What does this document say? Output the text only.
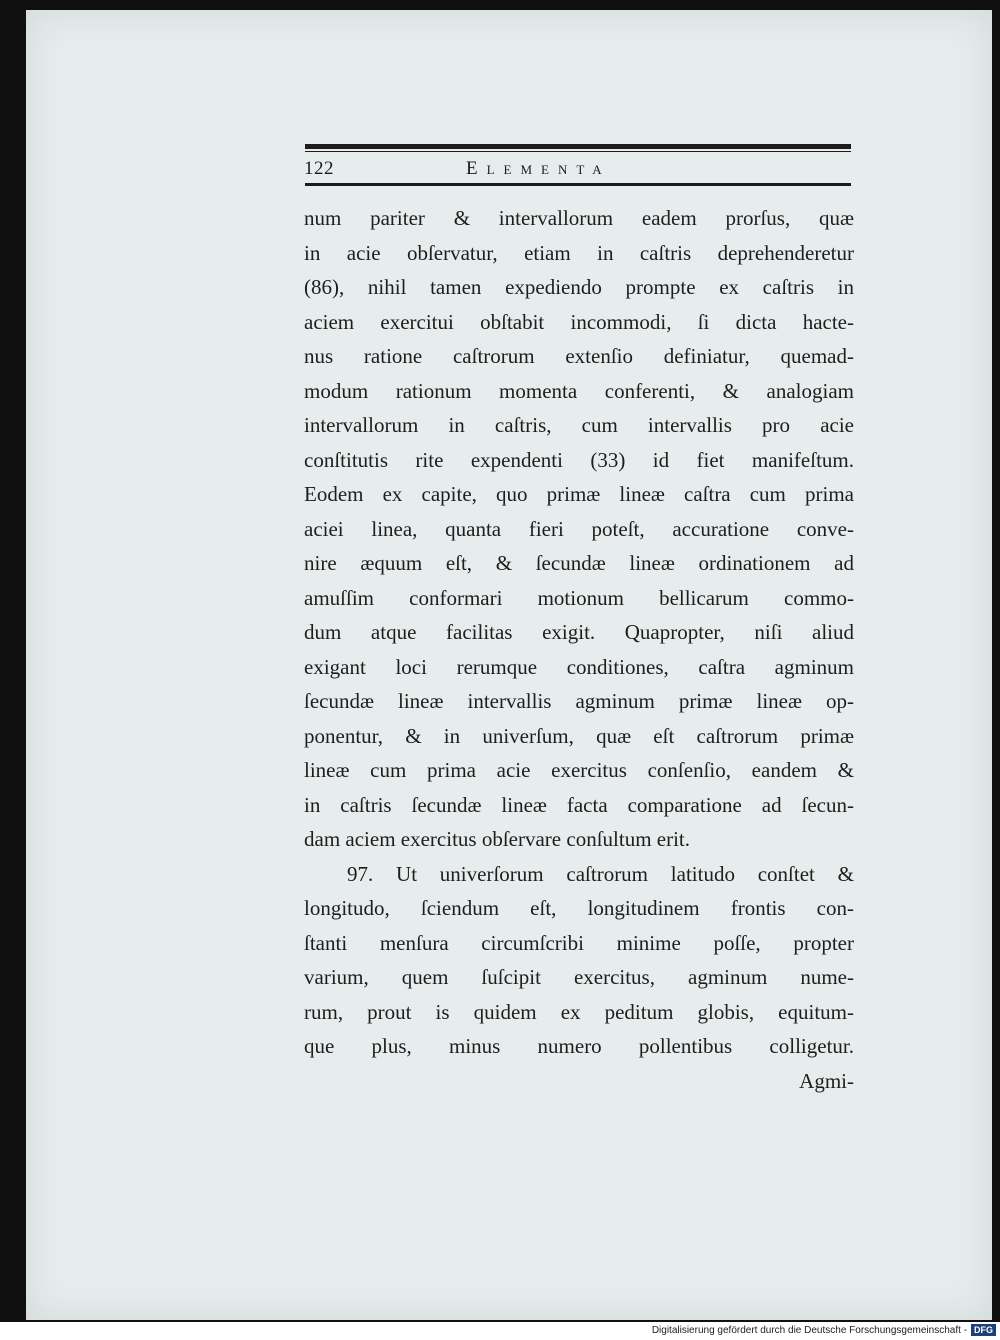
122	Elementa
num pariter & intervallorum eadem prorſus, quæ
in acie obſervatur, etiam in caſtris deprehenderetur
(86), nihil tamen expediendo prompte ex caſtris in
aciem exercitui obſtabit incommodi, ſi dicta hacte-
nus ratione caſtrorum extenſio definiatur, quemad-
modum rationum momenta conferenti, & analogiam
intervallorum in caſtris, cum intervallis pro acie
conſtitutis rite expendenti (33) id fiet manifeſtum.
Eodem ex capite, quo primæ lineæ caſtra cum prima
aciei linea, quanta fieri poteſt, accuratione conve-
nire æquum eſt, & ſecundæ lineæ ordinationem ad
amuſſim conformari motionum bellicarum commo-
dum atque facilitas exigit. Quapropter, niſi aliud
exigant loci rerumque conditiones, caſtra agminum
ſecundæ lineæ intervallis agminum primæ lineæ op-
ponentur, & in univerſum, quæ eſt caſtrorum primæ
lineæ cum prima acie exercitus conſenſio, eandem &
in caſtris ſecundæ lineæ facta comparatione ad ſecun-
dam aciem exercitus obſervare conſultum erit.
97. Ut univerſorum caſtrorum latitudo conſtet &
longitudo, ſciendum eſt, longitudinem frontis con-
ſtanti menſura circumſcribi minime poſſe, propter
varium, quem ſuſcipit exercitus, agminum nume-
rum, prout is quidem ex peditum globis, equitum-
que plus, minus numero pollentibus colligetur.
Agmi-
Digitalisierung gefördert durch die Deutsche Forschungsgemeinschaft - DFG
